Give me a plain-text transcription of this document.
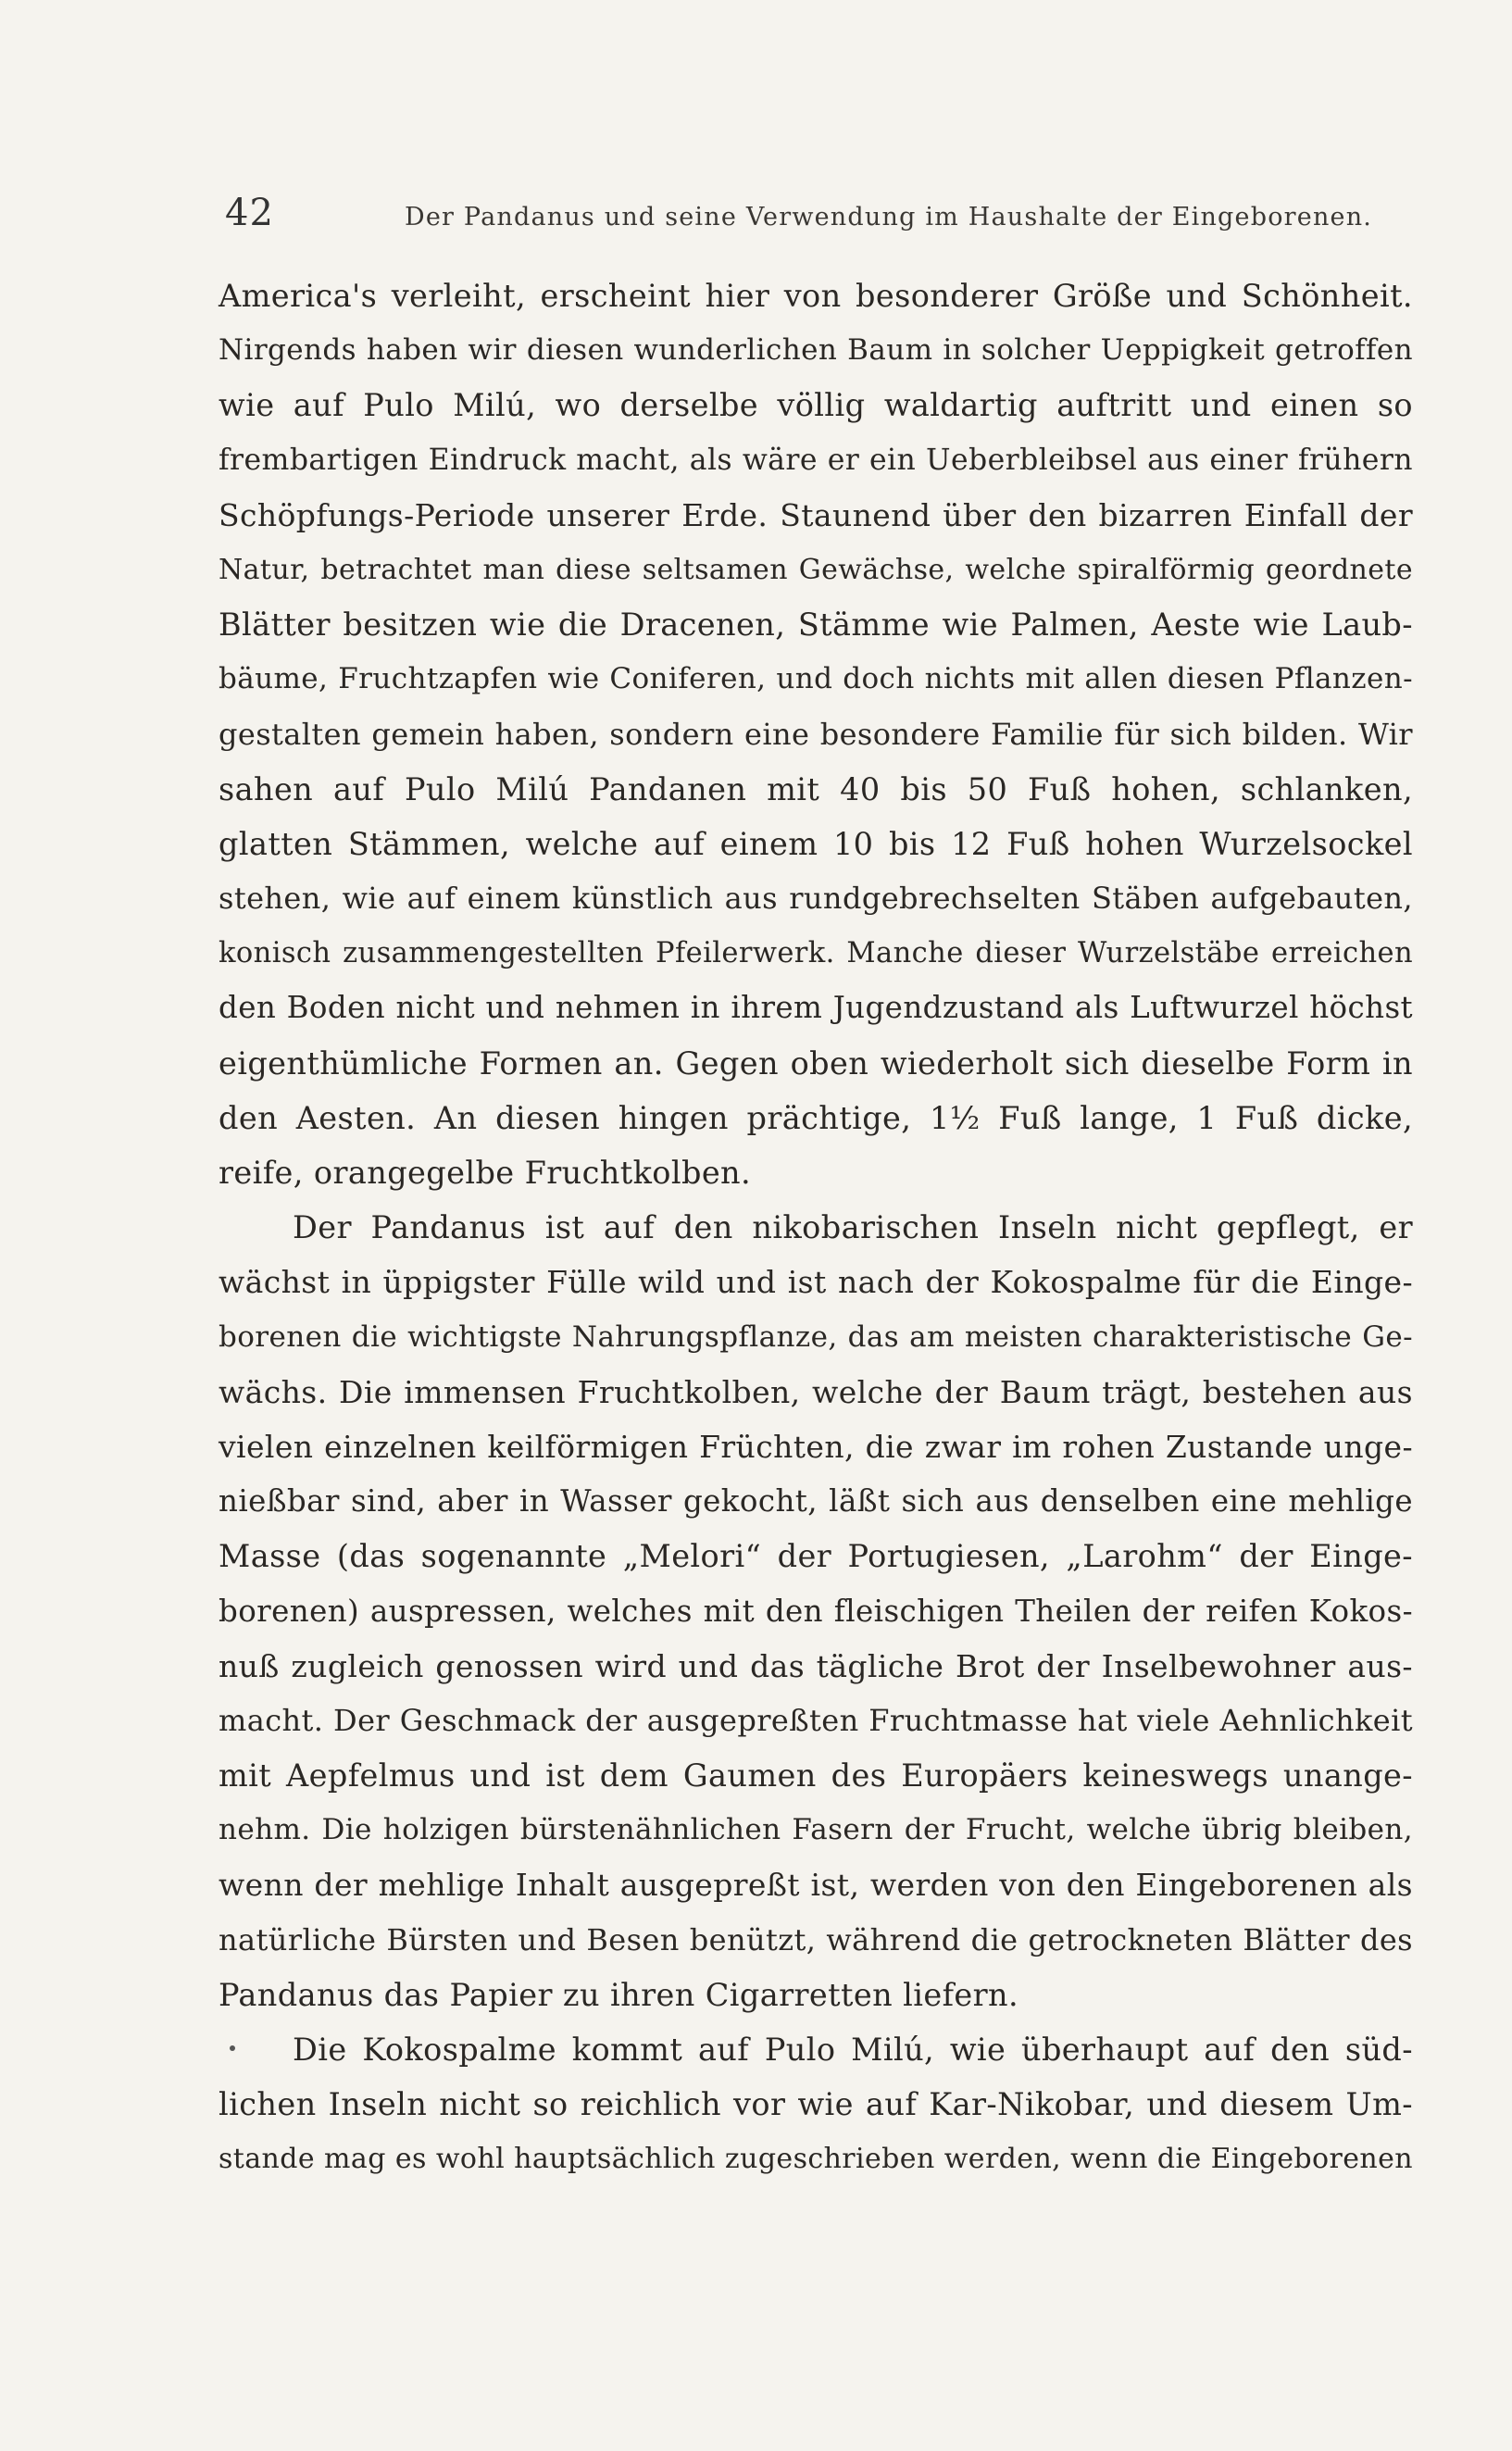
42	Der Pandanus und seine Verwendung im Haushalte der Eingeborenen.
America's verleiht, erscheint hier von besonderer Größe und Schönheit.
Nirgends haben wir diesen wunderlichen Baum in solcher Ueppigkeit getroffen
wie auf Pulo Milú, wo derselbe völlig waldartig auftritt und einen so
frembartigen Eindruck macht, als wäre er ein Ueberbleibsel aus einer frühern
Schöpfungs-Periode unserer Erde. Staunend über den bizarren Einfall der
Natur, betrachtet man diese seltsamen Gewächse, welche spiralförmig geordnete
Blätter besitzen wie die Dracenen, Stämme wie Palmen, Aeste wie Laub-
bäume, Fruchtzapfen wie Coniferen, und doch nichts mit allen diesen Pflanzen-
gestalten gemein haben, sondern eine besondere Familie für sich bilden. Wir
sahen auf Pulo Milú Pandanen mit 40 bis 50 Fuß hohen, schlanken,
glatten Stämmen, welche auf einem 10 bis 12 Fuß hohen Wurzelsockel
stehen, wie auf einem künstlich aus rundgebrechselten Stäben aufgebauten,
konisch zusammengestellten Pfeilerwerk. Manche dieser Wurzelstäbe erreichen
den Boden nicht und nehmen in ihrem Jugendzustand als Luftwurzel höchst
eigenthümliche Formen an. Gegen oben wiederholt sich dieselbe Form in
den Aesten. An diesen hingen prächtige, 1½ Fuß lange, 1 Fuß dicke,
reife, orangegelbe Fruchtkolben.
Der Pandanus ist auf den nikobarischen Inseln nicht gepflegt, er
wächst in üppigster Fülle wild und ist nach der Kokospalme für die Einge-
borenen die wichtigste Nahrungspflanze, das am meisten charakteristische Ge-
wächs. Die immensen Fruchtkolben, welche der Baum trägt, bestehen aus
vielen einzelnen keilförmigen Früchten, die zwar im rohen Zustande unge-
nießbar sind, aber in Wasser gekocht, läßt sich aus denselben eine mehlige
Masse (das sogenannte „Melori“ der Portugiesen, „Larohm“ der Einge-
borenen) auspressen, welches mit den fleischigen Theilen der reifen Kokos-
nuß zugleich genossen wird und das tägliche Brot der Inselbewohner aus-
macht. Der Geschmack der ausgepreßten Fruchtmasse hat viele Aehnlichkeit
mit Aepfelmus und ist dem Gaumen des Europäers keineswegs unange-
nehm. Die holzigen bürstenähnlichen Fasern der Frucht, welche übrig bleiben,
wenn der mehlige Inhalt ausgepreßt ist, werden von den Eingeborenen als
natürliche Bürsten und Besen benützt, während die getrockneten Blätter des
Pandanus das Papier zu ihren Cigarretten liefern.
Die Kokospalme kommt auf Pulo Milú, wie überhaupt auf den süd-
lichen Inseln nicht so reichlich vor wie auf Kar-Nikobar, und diesem Um-
stande mag es wohl hauptsächlich zugeschrieben werden, wenn die Eingeborenen
